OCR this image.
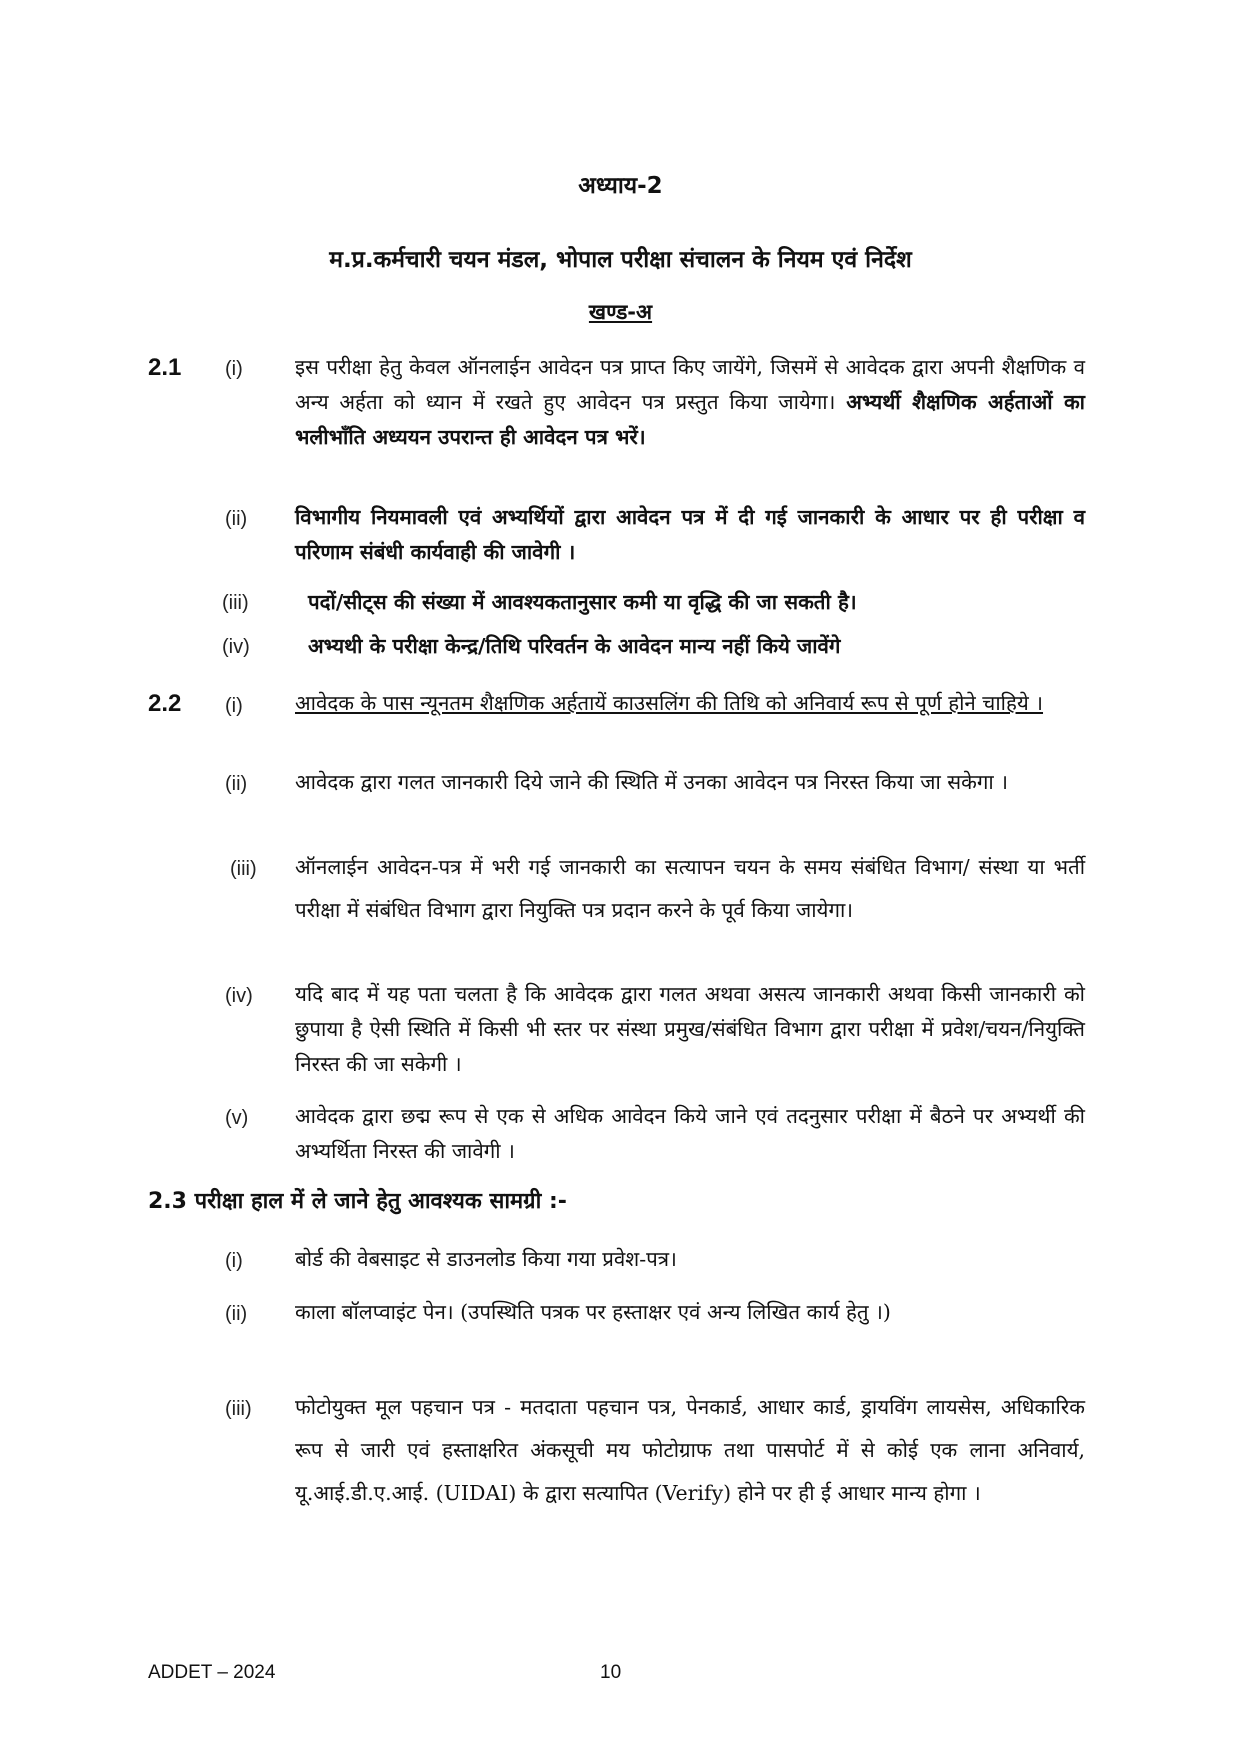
अध्याय-2
म.प्र.कर्मचारी चयन मंडल, भोपाल परीक्षा संचालन के नियम एवं निर्देश
खण्ड-अ
2.1 (i)	इस परीक्षा हेतु केवल ऑनलाईन आवेदन पत्र प्राप्त किए जायेंगे, जिसमें से आवेदक द्वारा अपनी शैक्षणिक व अन्य अर्हता को ध्यान में रखते हुए आवेदन पत्र प्रस्तुत किया जायेगा। अभ्यर्थी शैक्षणिक अर्हताओं का भलीभाँति अध्ययन उपरान्त ही आवेदन पत्र भरें।
(ii) विभागीय नियमावली एवं अभ्यर्थियों द्वारा आवेदन पत्र में दी गई जानकारी के आधार पर ही परीक्षा व परिणाम संबंधी कार्यवाही की जावेगी ।
(iii)	पदों/सीट्स की संख्या में आवश्यकतानुसार कमी या वृद्धि की जा सकती है।
(iv)	अभ्यथी के परीक्षा केन्द्र/तिथि परिवर्तन के आवेदन मान्य नहीं किये जावेंगे
2.2 (i)	आवेदक के पास न्यूनतम शैक्षणिक अर्हतायें काउसलिंग की तिथि को अनिवार्य रूप से पूर्ण होने चाहिये ।
(ii) आवेदक द्वारा गलत जानकारी दिये जाने की स्थिति में उनका आवेदन पत्र निरस्त किया जा सकेगा ।
(iii) ऑनलाईन आवेदन-पत्र में भरी गई जानकारी का सत्यापन चयन के समय संबंधित विभाग/ संस्था या भर्ती परीक्षा में संबंधित विभाग द्वारा नियुक्ति पत्र प्रदान करने के पूर्व किया जायेगा।
(iv) यदि बाद में यह पता चलता है कि आवेदक द्वारा गलत अथवा असत्य जानकारी अथवा किसी जानकारी को छुपाया है ऐसी स्थिति में किसी भी स्तर पर संस्था प्रमुख/संबंधित विभाग द्वारा परीक्षा में प्रवेश/चयन/नियुक्ति निरस्त की जा सकेगी ।
(v) आवेदक द्वारा छद्म रूप से एक से अधिक आवेदन किये जाने एवं तदनुसार परीक्षा में बैठने पर अभ्यर्थी की अभ्यर्थिता निरस्त की जावेगी ।
2.3 परीक्षा हाल में ले जाने हेतु आवश्यक सामग्री :-
(i)	बोर्ड की वेबसाइट से डाउनलोड किया गया प्रवेश-पत्र।
(ii) काला बॉलप्वाइंट पेन। (उपस्थिति पत्रक पर हस्ताक्षर एवं अन्य लिखित कार्य हेतु ।)
(iii) फोटोयुक्त मूल पहचान पत्र - मतदाता पहचान पत्र, पेनकार्ड, आधार कार्ड, ड्रायविंग लायसेस, अधिकारिक रूप से जारी एवं हस्ताक्षरित अंकसूची मय फोटोग्राफ तथा पासपोर्ट में से कोई एक लाना अनिवार्य, यू.आई.डी.ए.आई. (UIDAI) के द्वारा सत्यापित (Verify) होने पर ही ई आधार मान्य होगा ।
ADDET – 2024	10
